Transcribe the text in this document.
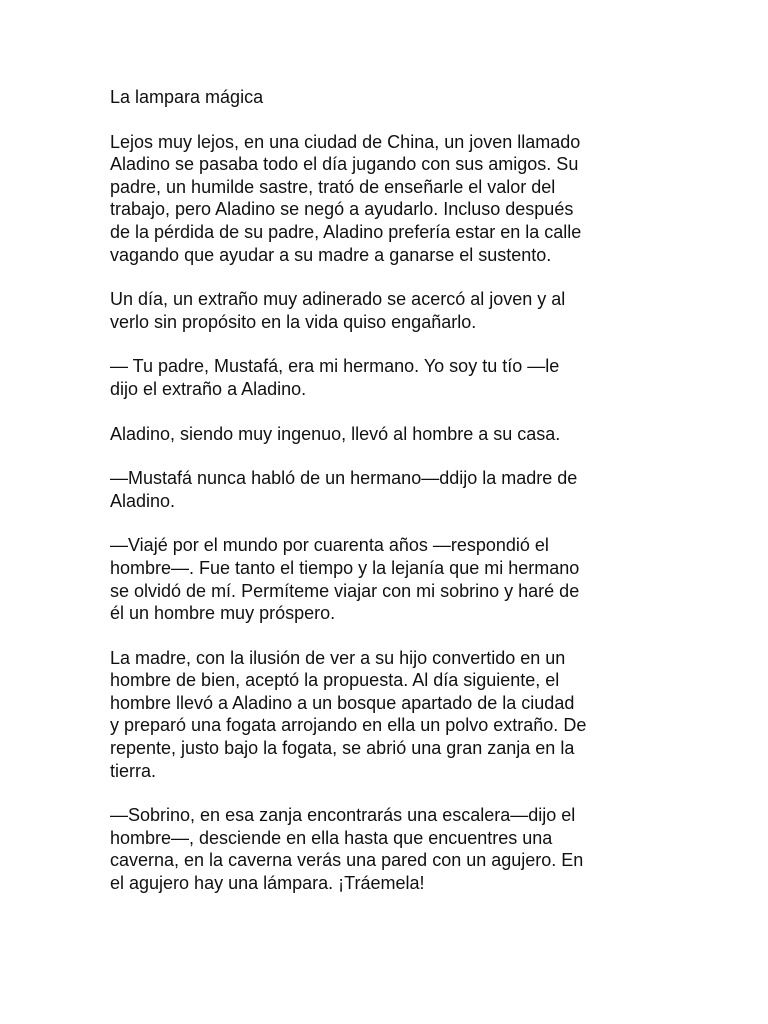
La lampara mágica
Lejos muy lejos, en una ciudad de China, un joven llamado
Aladino se pasaba todo el día jugando con sus amigos. Su
padre, un humilde sastre, trató de enseñarle el valor del
trabajo, pero Aladino se negó a ayudarlo. Incluso después
de la pérdida de su padre, Aladino prefería estar en la calle
vagando que ayudar a su madre a ganarse el sustento.
Un día, un extraño muy adinerado se acercó al joven y al
verlo sin propósito en la vida quiso engañarlo.
— Tu padre, Mustafá, era mi hermano. Yo soy tu tío —le
dijo el extraño a Aladino.
Aladino, siendo muy ingenuo, llevó al hombre a su casa.
—Mustafá nunca habló de un hermano—ddijo la madre de
Aladino.
—Viajé por el mundo por cuarenta años —respondió el
hombre—. Fue tanto el tiempo y la lejanía que mi hermano
se olvidó de mí. Permíteme viajar con mi sobrino y haré de
él un hombre muy próspero.
La madre, con la ilusión de ver a su hijo convertido en un
hombre de bien, aceptó la propuesta. Al día siguiente, el
hombre llevó a Aladino a un bosque apartado de la ciudad
y preparó una fogata arrojando en ella un polvo extraño. De
repente, justo bajo la fogata, se abrió una gran zanja en la
tierra.
—Sobrino, en esa zanja encontrarás una escalera—dijo el
hombre—, desciende en ella hasta que encuentres una
caverna, en la caverna verás una pared con un agujero. En
el agujero hay una lámpara. ¡Tráemela!
